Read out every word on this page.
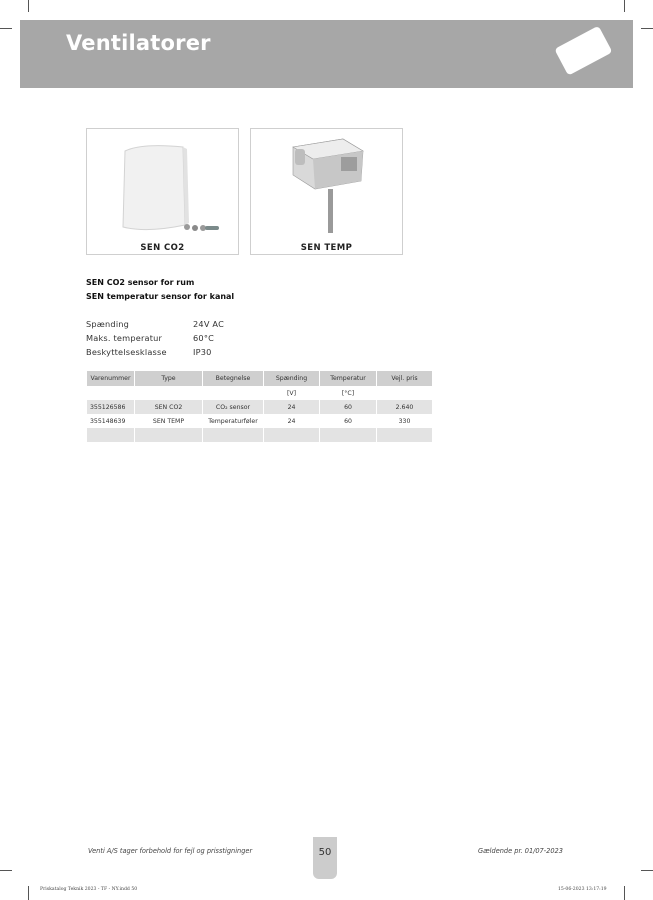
Ventilatorer
SEN CO2	SEN TEMP
SEN CO2 sensor for rum
SEN temperatur sensor for kanal
Spænding	24V AC
Maks. temperatur	60°C
Beskyttelsesklasse	IP30
Varenummer	Type	Betegnelse	Spænding	Temperatur	Vejl. pris
			[V]	[°C]	
355126586	SEN CO2	CO₂ sensor	24	60	2.640
355148639	SEN TEMP	Temperaturføler	24	60	330

Venti A/S tager forbehold for fejl og prisstigninger	50	Gældende pr. 01/07-2023
Priskatalog Teknik 2023 - TF - NY.indd 50	15-06-2023 13:17:19
